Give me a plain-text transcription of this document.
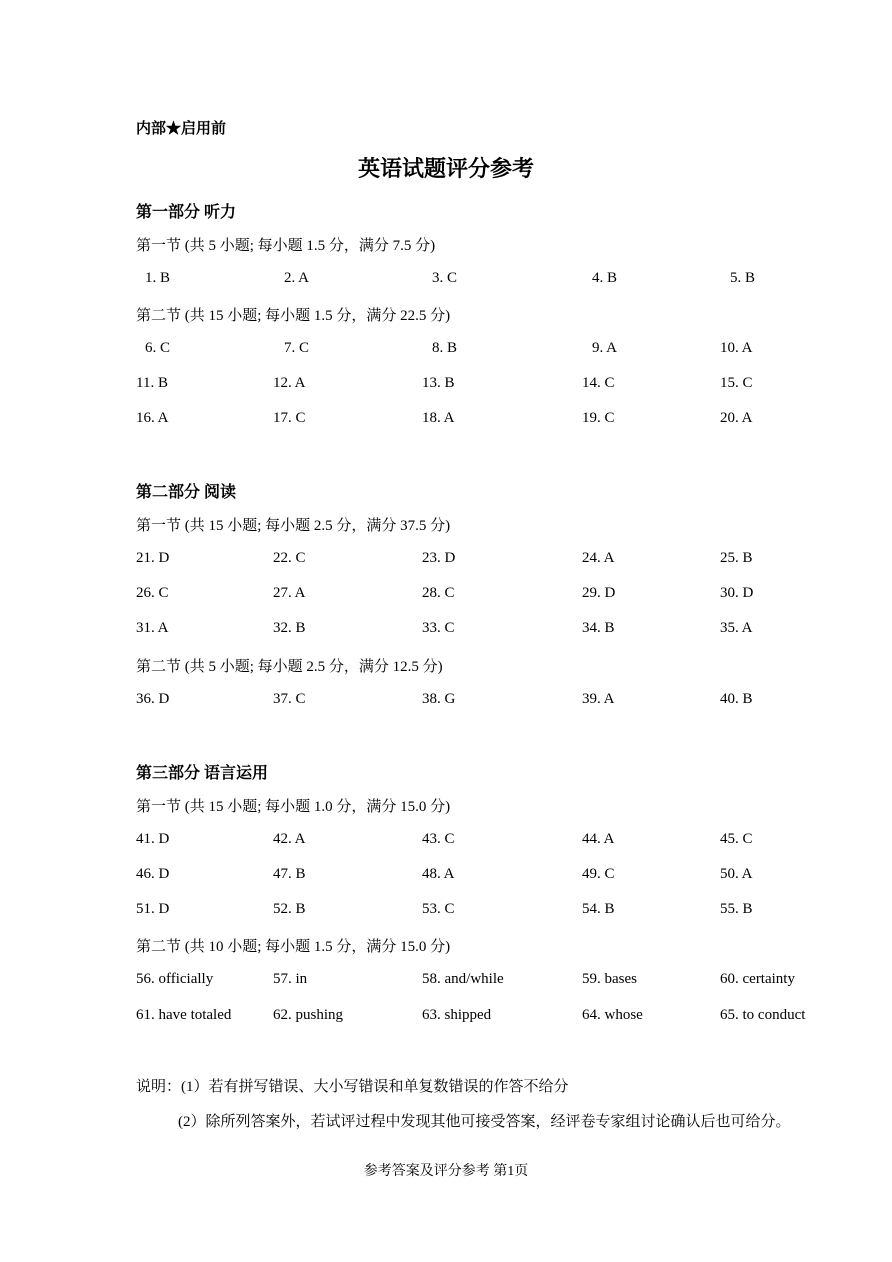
内部★启用前
英语试题评分参考
第一部分 听力
第一节 (共 5 小题; 每小题 1.5 分，满分 7.5 分)
第二节 (共 15 小题; 每小题 1.5 分，满分 22.5 分)
第二部分 阅读
第一节 (共 15 小题; 每小题 2.5 分，满分 37.5 分)
第二节 (共 5 小题; 每小题 2.5 分，满分 12.5 分)
第三部分 语言运用
第一节 (共 15 小题; 每小题 1.0 分，满分 15.0 分)
第二节 (共 10 小题; 每小题 1.5 分，满分 15.0 分)
1. B	2. A	3. C	4. B	5. B
6. C	7. C	8. B	9. A	10. A
11. B	12. A	13. B	14. C	15. C
16. A	17. C	18. A	19. C	20. A
21. D	22. C	23. D	24. A	25. B
26. C	27. A	28. C	29. D	30. D
31. A	32. B	33. C	34. B	35. A
36. D	37. C	38. G	39. A	40. B
41. D	42. A	43. C	44. A	45. C
46. D	47. B	48. A	49. C	50. A
51. D	52. B	53. C	54. B	55. B
56. officially	57. in	58. and/while	59. bases	60. certainty
61. have totaled	62. pushing	63. shipped	64. whose	65. to conduct
说明：(1）若有拼写错误、大小写错误和单复数错误的作答不给分
(2）除所列答案外，若试评过程中发现其他可接受答案，经评卷专家组讨论确认后也可给分。
参考答案及评分参考 第1页
